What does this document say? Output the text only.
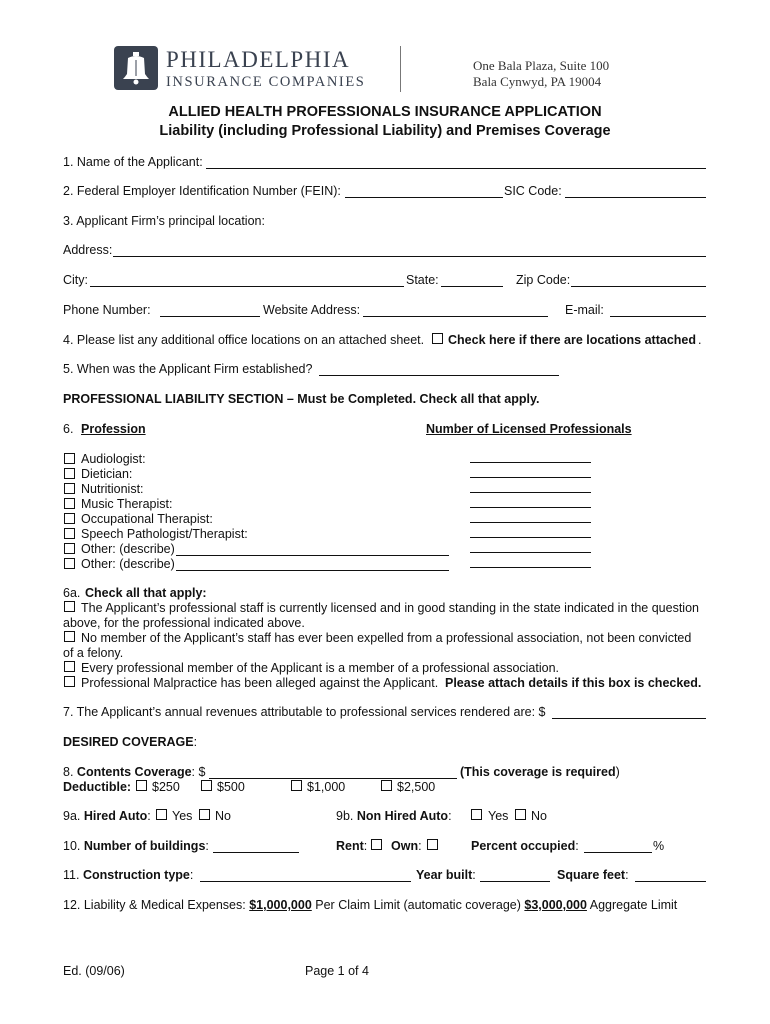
PHILADELPHIA
INSURANCE COMPANIES
One Bala Plaza, Suite 100
Bala Cynwyd, PA 19004
ALLIED HEALTH PROFESSIONALS INSURANCE APPLICATION
Liability (including Professional Liability) and Premises Coverage
1. Name of the Applicant:
2. Federal Employer Identification Number (FEIN):	SIC Code:
3. Applicant Firm’s principal location:
Address:
City:	State:	Zip Code:
Phone Number:	Website Address:	E-mail:
4. Please list any additional office locations on an attached sheet. Check here if there are locations attached .
5. When was the Applicant Firm established?
PROFESSIONAL LIABILITY SECTION – Must be Completed. Check all that apply.
6. Profession	Number of Licensed Professionals
Audiologist:
Dietician:
Nutritionist:
Music Therapist:
Occupational Therapist:
Speech Pathologist/Therapist:
Other: (describe)
Other: (describe)
6a. Check all that apply:
The Applicant’s professional staff is currently licensed and in good standing in the state indicated in the question
above, for the professional indicated above.
No member of the Applicant’s staff has ever been expelled from a professional association, not been convicted
of a felony.
Every professional member of the Applicant is a member of a professional association.
Professional Malpractice has been alleged against the Applicant. Please attach details if this box is checked.
7. The Applicant’s annual revenues attributable to professional services rendered are: $
DESIRED COVERAGE:
8. Contents Coverage: $	(This coverage is required)
Deductible: $250	$500	$1,000	$2,500
9a. Hired Auto: Yes No	9b. Non Hired Auto:	Yes No
10. Number of buildings:	Rent: Own:	Percent occupied:	%
11. Construction type:	Year built:	Square feet:
12. Liability & Medical Expenses: $1,000,000 Per Claim Limit (automatic coverage) $3,000,000 Aggregate Limit
Ed. (09/06)	Page 1 of 4
